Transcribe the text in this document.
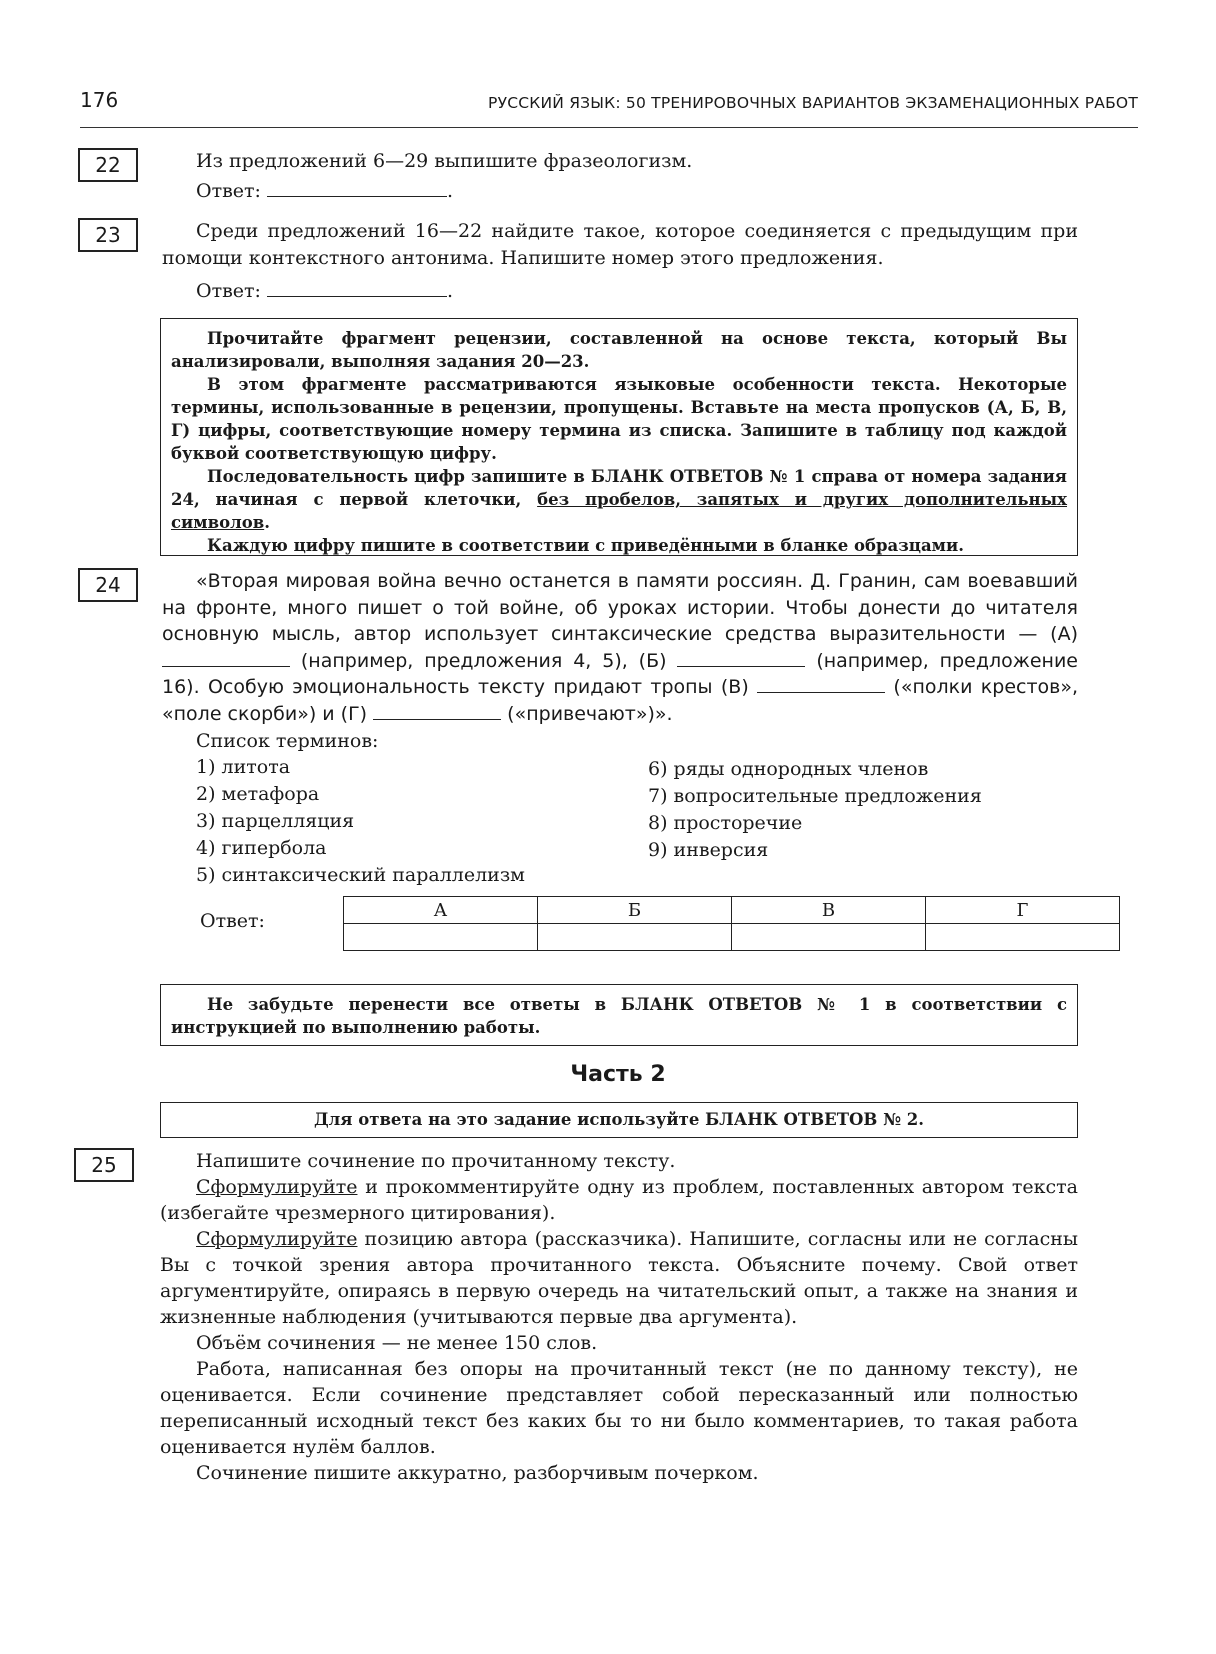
176	РУССКИЙ ЯЗЫК: 50 ТРЕНИРОВОЧНЫХ ВАРИАНТОВ ЭКЗАМЕНАЦИОННЫХ РАБОТ
22	Из предложений 6—29 выпишите фразеологизм.
Ответ:	.
23	Среди предложений 16—22 найдите такое, которое соединяется с предыдущим при помощи контекстного антонима. Напишите номер этого предложения.
Ответ:	.

Прочитайте фрагмент рецензии, составленной на основе текста, который Вы анализировали, выполняя задания 20—23.

В этом фрагменте рассматриваются языковые особенности текста. Некоторые термины, использованные в рецензии, пропущены. Вставьте на места пропусков (А, Б, В, Г) цифры, соответствующие номеру термина из списка. Запишите в таблицу под каждой буквой соответствующую цифру.

Последовательность цифр запишите в БЛАНК ОТВЕТОВ № 1 справа от номера задания 24, начиная с первой клеточки, без пробелов, запятых и других дополнительных символов.

Каждую цифру пишите в соответствии с приведёнными в бланке образцами.

24	«Вторая мировая война вечно останется в памяти россиян. Д. Гранин, сам воевавший на фронте, много пишет о той войне, об уроках истории. Чтобы донести до читателя основную мысль, автор использует синтаксические средства выразительности — (А)  (например, предложения 4, 5), (Б)	(например, предложение 16). Особую эмоциональность тексту придают тропы (В)	(«полки крестов», «поле скорби») и (Г)	(«привечают»)».
Список терминов:
1) литота
2) метафора
3) парцелляция
4) гипербола
5) синтаксический параллелизм
6) ряды однородных членов
7) вопросительные предложения
8) просторечие
9) инверсия
Ответ:	А	Б	В	Г

Не забудьте перенести все ответы в БЛАНК ОТВЕТОВ № 1 в соответствии с инструкцией по выполнению работы.

Часть 2
Для ответа на это задание используйте БЛАНК ОТВЕТОВ № 2.
25	Напишите сочинение по прочитанному тексту.

Сформулируйте и прокомментируйте одну из проблем, поставленных автором текста (избегайте чрезмерного цитирования).

Сформулируйте позицию автора (рассказчика). Напишите, согласны или не согласны Вы с точкой зрения автора прочитанного текста. Объясните почему. Свой ответ аргументируйте, опираясь в первую очередь на читательский опыт, а также на знания и жизненные наблюдения (учитываются первые два аргумента).

Объём сочинения — не менее 150 слов.

Работа, написанная без опоры на прочитанный текст (не по данному тексту), не оценивается. Если сочинение представляет собой пересказанный или полностью переписанный исходный текст без каких бы то ни было комментариев, то такая работа оценивается нулём баллов.

Сочинение пишите аккуратно, разборчивым почерком.
